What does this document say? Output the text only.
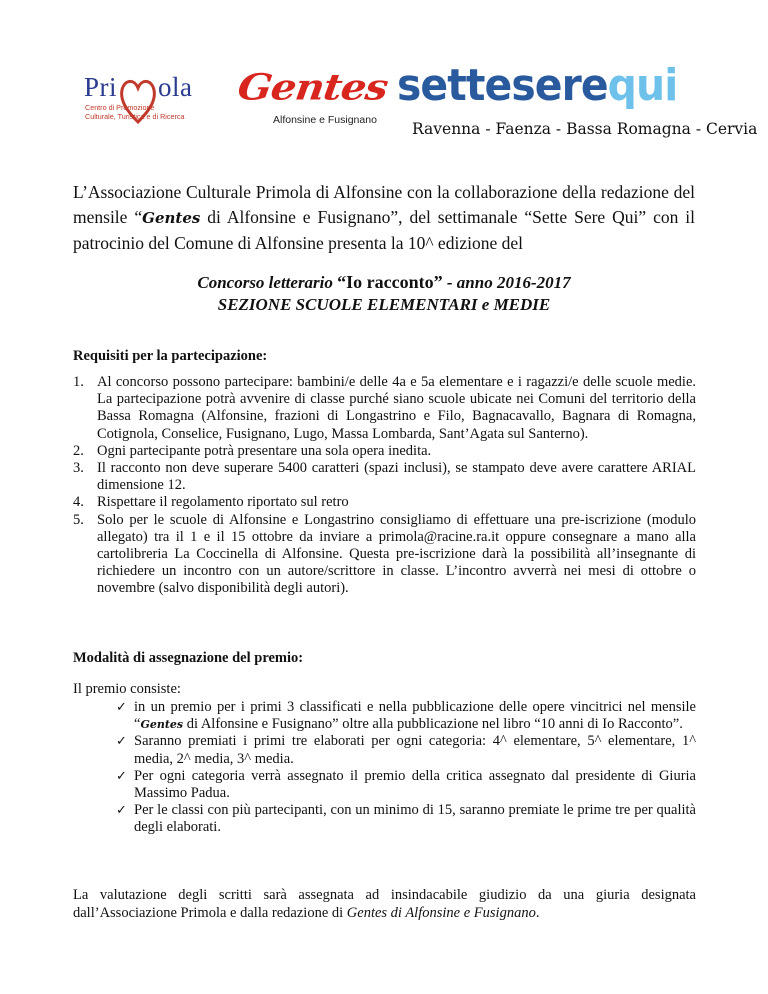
Pri ola
Centro di Promozione
Culturale, Turistica e di Ricerca
Gentes
Alfonsine e Fusignano
setteserequi
Ravenna - Faenza - Bassa Romagna - Cervia

L’Associazione Culturale Primola di Alfonsine con la collaborazione della redazione del mensile “Gentes di Alfonsine e Fusignano”, del settimanale “Sette Sere Qui” con il patrocinio del Comune di Alfonsine presenta la 10^ edizione del

Concorso letterario “Io racconto” - anno 2016-2017
SEZIONE SCUOLE ELEMENTARI e MEDIE
Requisiti per la partecipazione:
1. Al concorso possono partecipare: bambini/e delle 4a e 5a elementare e i ragazzi/e delle scuole medie. La partecipazione potrà avvenire di classe purché siano scuole ubicate nei Comuni del territorio della Bassa Romagna (Alfonsine, frazioni di Longastrino e Filo, Bagnacavallo, Bagnara di Romagna, Cotignola, Conselice, Fusignano, Lugo, Massa Lombarda, Sant’Agata sul Santerno).
2. Ogni partecipante potrà presentare una sola opera inedita.
3. Il racconto non deve superare 5400 caratteri (spazi inclusi), se stampato deve avere carattere ARIAL dimensione 12.
4. Rispettare il regolamento riportato sul retro
5. Solo per le scuole di Alfonsine e Longastrino consigliamo di effettuare una pre-iscrizione (modulo allegato) tra il 1 e il 15 ottobre da inviare a primola@racine.ra.it oppure consegnare a mano alla cartolibreria La Coccinella di Alfonsine. Questa pre-iscrizione darà la possibilità all’insegnante di richiedere un incontro con un autore/scrittore in classe. L’incontro avverrà nei mesi di ottobre o novembre (salvo disponibilità degli autori).
Modalità di assegnazione del premio:

Il premio consiste:

✓ in un premio per i primi 3 classificati e nella pubblicazione delle opere vincitrici nel mensile “Gentes di Alfonsine e Fusignano” oltre alla pubblicazione nel libro “10 anni di Io Racconto”.
✓ Saranno premiati i primi tre elaborati per ogni categoria: 4^ elementare, 5^ elementare, 1^ media, 2^ media, 3^ media.
✓ Per ogni categoria verrà assegnato il premio della critica assegnato dal presidente di Giuria Massimo Padua.
✓ Per le classi con più partecipanti, con un minimo di 15, saranno premiate le prime tre per qualità degli elaborati.

La valutazione degli scritti sarà assegnata ad insindacabile giudizio da una giuria designata dall’Associazione Primola e dalla redazione di Gentes di Alfonsine e Fusignano.
